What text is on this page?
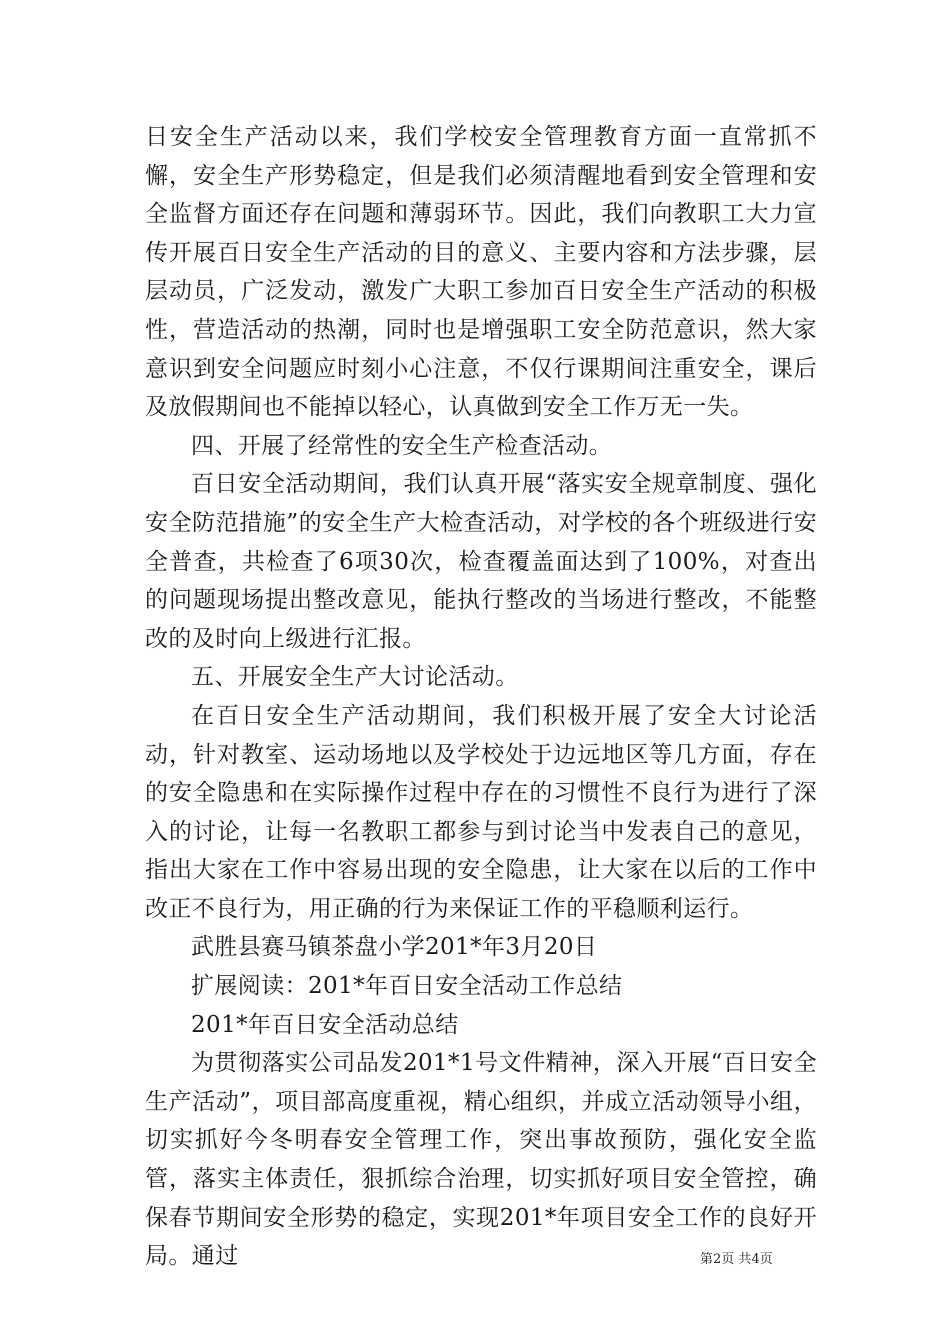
日安全生产活动以来，我们学校安全管理教育方面一直常抓不懈，安全生产形势稳定，但是我们必须清醒地看到安全管理和安全监督方面还存在问题和薄弱环节。因此，我们向教职工大力宣传开展百日安全生产活动的目的意义、主要内容和方法步骤，层层动员，广泛发动，激发广大职工参加百日安全生产活动的积极性，营造活动的热潮，同时也是增强职工安全防范意识，然大家意识到安全问题应时刻小心注意，不仅行课期间注重安全，课后及放假期间也不能掉以轻心，认真做到安全工作万无一失。

四、开展了经常性的安全生产检查活动。

百日安全活动期间，我们认真开展“落实安全规章制度、强化安全防范措施”的安全生产大检查活动，对学校的各个班级进行安全普查，共检查了6项30次，检查覆盖面达到了100%，对查出的问题现场提出整改意见，能执行整改的当场进行整改，不能整改的及时向上级进行汇报。

五、开展安全生产大讨论活动。

在百日安全生产活动期间，我们积极开展了安全大讨论活动，针对教室、运动场地以及学校处于边远地区等几方面，存在的安全隐患和在实际操作过程中存在的习惯性不良行为进行了深入的讨论，让每一名教职工都参与到讨论当中发表自己的意见，指出大家在工作中容易出现的安全隐患，让大家在以后的工作中改正不良行为，用正确的行为来保证工作的平稳顺利运行。

武胜县赛马镇茶盘小学201*年3月20日

扩展阅读：201*年百日安全活动工作总结

201*年百日安全活动总结

为贯彻落实公司品发201*1号文件精神，深入开展“百日安全生产活动”，项目部高度重视，精心组织，并成立活动领导小组，切实抓好今冬明春安全管理工作，突出事故预防，强化安全监管，落实主体责任，狠抓综合治理，切实抓好项目安全管控，确保春节期间安全形势的稳定，实现201*年项目安全工作的良好开局。通过	第2页 共4页
